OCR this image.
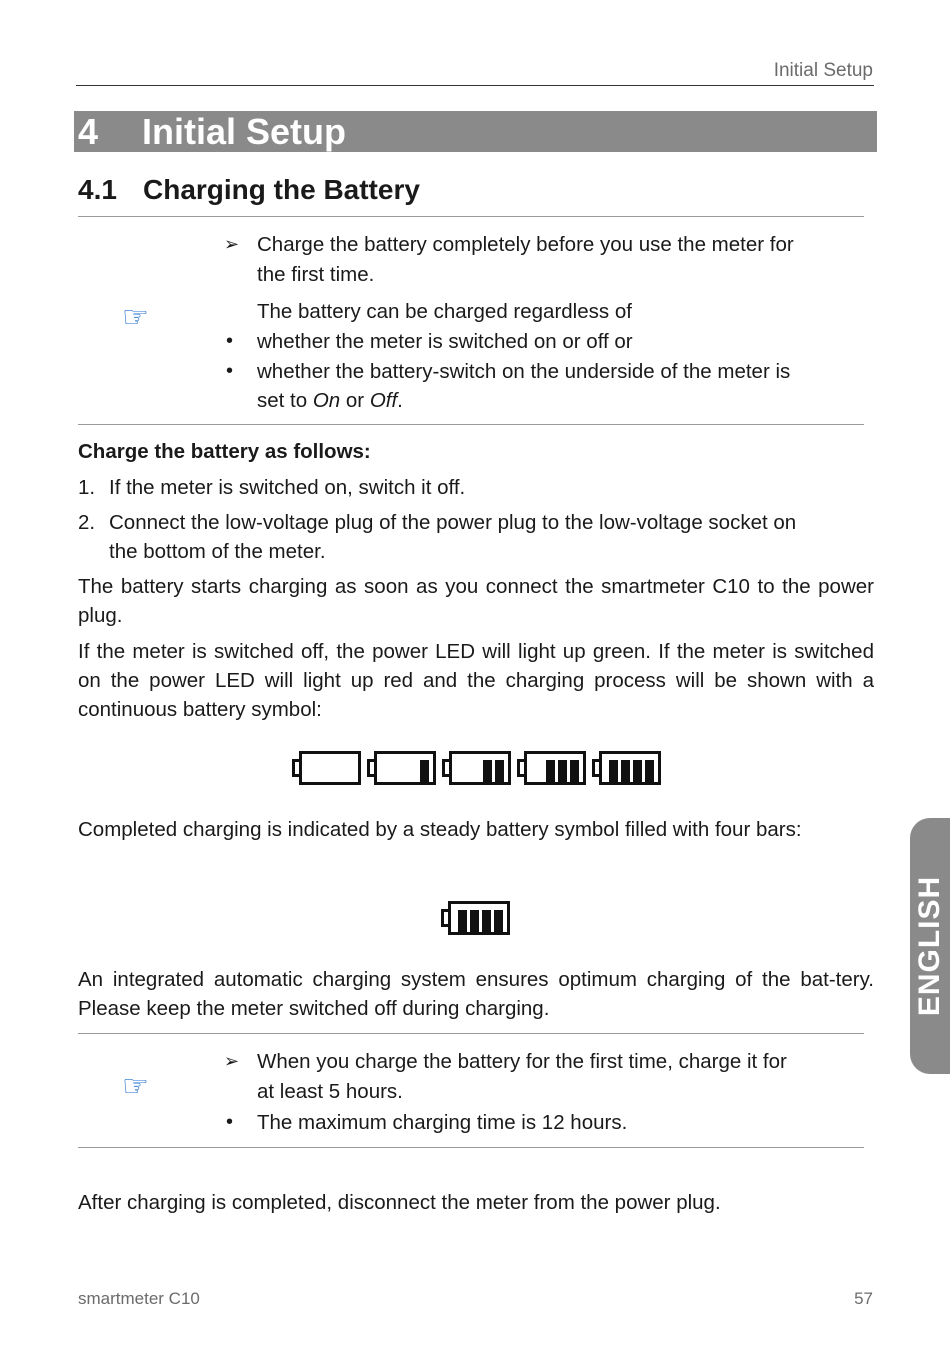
Initial Setup
4 Initial Setup
4.1 Charging the Battery
☞
➢ Charge the battery completely before you use the meter for
the first time.
The battery can be charged regardless of
• whether the meter is switched on or off or
• whether the battery-switch on the underside of the meter is
set to On or Off.
Charge the battery as follows:
1. If the meter is switched on, switch it off.
2. Connect the low-voltage plug of the power plug to the low-voltage socket on
the bottom of the meter.
The battery starts charging as soon as you connect the smartmeter C10 to the power plug.
If the meter is switched off, the power LED will light up green. If the meter is switched on the power LED will light up red and the charging process will be shown with a continuous battery symbol:
Completed charging is indicated by a steady battery symbol filled with four bars:
An integrated automatic charging system ensures optimum charging of the bat-tery. Please keep the meter switched off during charging.
☞
➢ When you charge the battery for the first time, charge it for
at least 5 hours.
• The maximum charging time is 12 hours.
After charging is completed, disconnect the meter from the power plug.
ENGLISH
smartmeter C10	57
